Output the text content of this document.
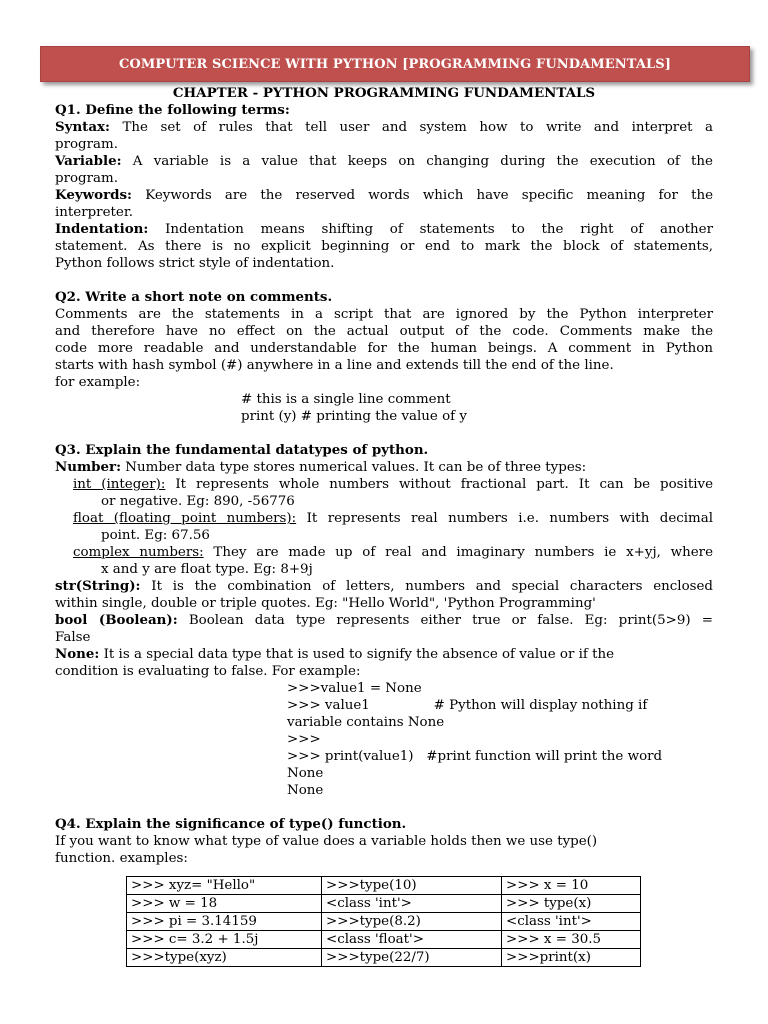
COMPUTER SCIENCE WITH PYTHON [PROGRAMMING FUNDAMENTALS]
CHAPTER - PYTHON PROGRAMMING FUNDAMENTALS
Q1. Define the following terms:
Syntax: The set of rules that tell user and system how to write and interpret a
program.
Variable: A variable is a value that keeps on changing during the execution of the
program.
Keywords: Keywords are the reserved words which have specific meaning for the
interpreter.
Indentation: Indentation means shifting of statements to the right of another
statement. As there is no explicit beginning or end to mark the block of statements,
Python follows strict style of indentation.
Q2. Write a short note on comments.
Comments are the statements in a script that are ignored by the Python interpreter
and therefore have no effect on the actual output of the code. Comments make the
code more readable and understandable for the human beings. A comment in Python
starts with hash symbol (#) anywhere in a line and extends till the end of the line.
for example:
# this is a single line comment
print (y) # printing the value of y
Q3. Explain the fundamental datatypes of python.
Number: Number data type stores numerical values. It can be of three types:
int (integer): It represents whole numbers without fractional part. It can be positive
or negative. Eg: 890, -56776
float (floating point numbers): It represents real numbers i.e. numbers with decimal
point. Eg: 67.56
complex numbers: They are made up of real and imaginary numbers ie x+yj, where
x and y are float type. Eg: 8+9j
str(String): It is the combination of letters, numbers and special characters enclosed
within single, double or triple quotes. Eg: "Hello World", 'Python Programming'
bool (Boolean): Boolean data type represents either true or false. Eg: print(5>9) =
False
None: It is a special data type that is used to signify the absence of value or if the
condition is evaluating to false. For example:
>>>value1 = None
>>> value1               # Python will display nothing if
variable contains None
>>>
>>> print(value1)   #print function will print the word
None
None
Q4. Explain the significance of type() function.
If you want to know what type of value does a variable holds then we use type()
function. examples:
>>> xyz= "Hello"	>>>type(10)	>>> x = 10
>>> w = 18	<class 'int'>	>>> type(x)
>>> pi = 3.14159	>>>type(8.2)	<class 'int'>
>>> c= 3.2 + 1.5j	<class 'float'>	>>> x = 30.5
>>>type(xyz)	>>>type(22/7)	>>>print(x)
